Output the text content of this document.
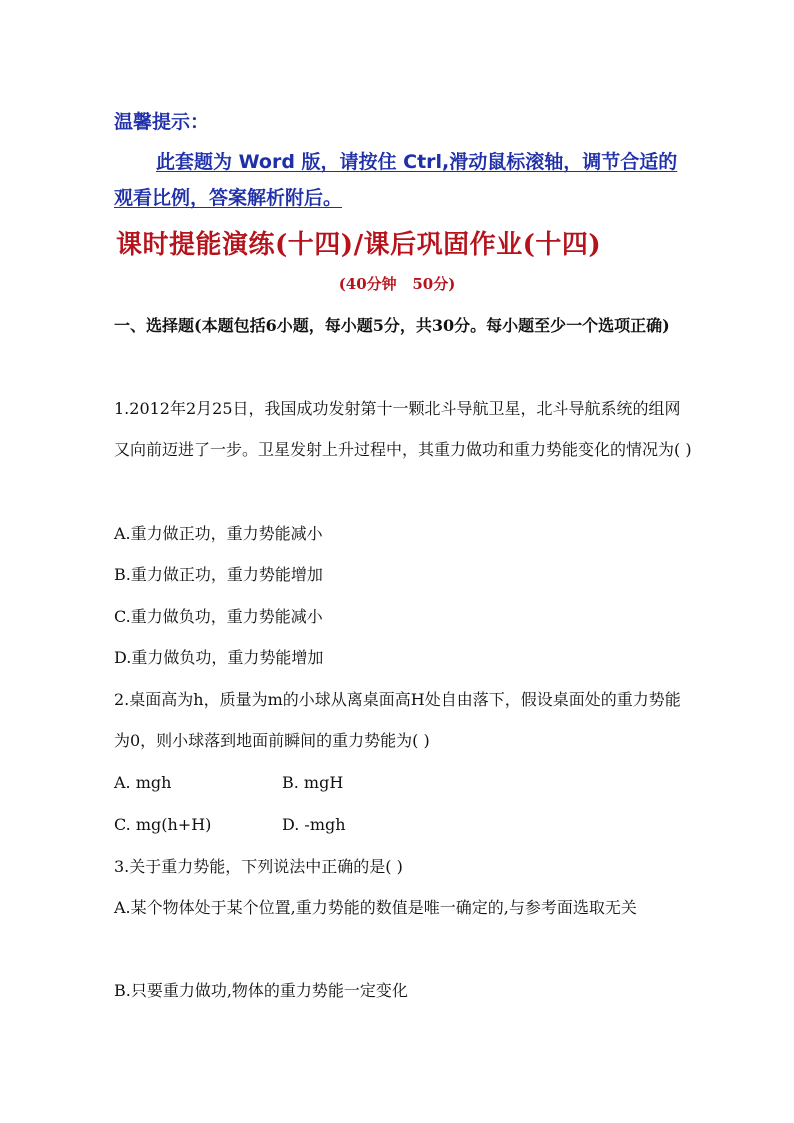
温馨提示：
此套题为 Word 版，请按住 Ctrl,滑动鼠标滚轴，调节合适的观看比例，答案解析附后。
课时提能演练(十四)/课后巩固作业(十四)
(40分钟   50分)
一、选择题(本题包括6小题，每小题5分，共30分。每小题至少一个选项正确)
1.2012年2月25日，我国成功发射第十一颗北斗导航卫星，北斗导航系统的组网又向前迈进了一步。卫星发射上升过程中，其重力做功和重力势能变化的情况为( )
A.重力做正功，重力势能减小
B.重力做正功，重力势能增加
C.重力做负功，重力势能减小
D.重力做负功，重力势能增加
2.桌面高为h，质量为m的小球从离桌面高H处自由落下，假设桌面处的重力势能为0，则小球落到地面前瞬间的重力势能为( )
A. mgh	B. mgH
C. mg(h+H)	D. -mgh
3.关于重力势能，下列说法中正确的是( )
A.某个物体处于某个位置,重力势能的数值是唯一确定的,与参考面选取无关
B.只要重力做功,物体的重力势能一定变化
